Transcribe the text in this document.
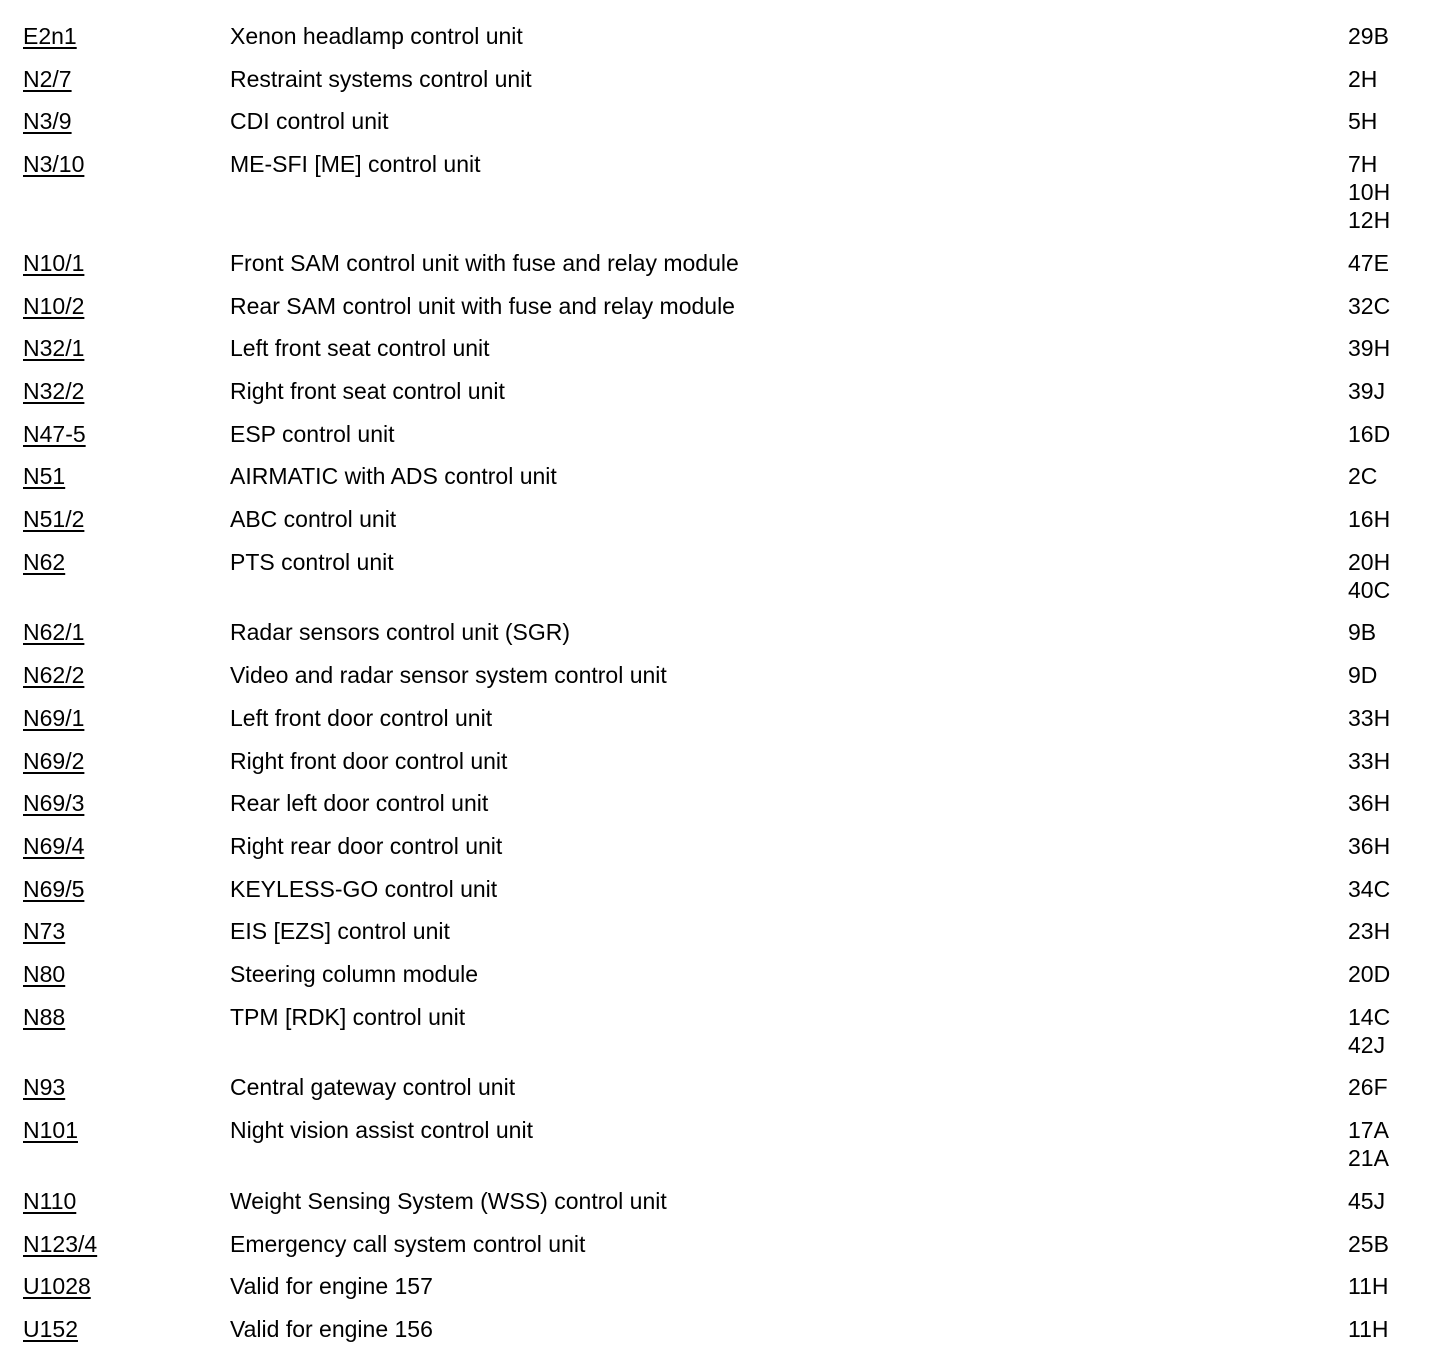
E2n1	Xenon headlamp control unit	29B
N2/7	Restraint systems control unit	2H
N3/9	CDI control unit	5H
N3/10	ME-SFI [ME] control unit	7H
10H
12H
N10/1	Front SAM control unit with fuse and relay module	47E
N10/2	Rear SAM control unit with fuse and relay module	32C
N32/1	Left front seat control unit	39H
N32/2	Right front seat control unit	39J
N47-5	ESP control unit	16D
N51	AIRMATIC with ADS control unit	2C
N51/2	ABC control unit	16H
N62	PTS control unit	20H
40C
N62/1	Radar sensors control unit (SGR)	9B
N62/2	Video and radar sensor system control unit	9D
N69/1	Left front door control unit	33H
N69/2	Right front door control unit	33H
N69/3	Rear left door control unit	36H
N69/4	Right rear door control unit	36H
N69/5	KEYLESS-GO control unit	34C
N73	EIS [EZS] control unit	23H
N80	Steering column module	20D
N88	TPM [RDK] control unit	14C
42J
N93	Central gateway control unit	26F
N101	Night vision assist control unit	17A
21A
N110	Weight Sensing System (WSS) control unit	45J
N123/4	Emergency call system control unit	25B
U1028	Valid for engine 157	11H
U152	Valid for engine 156	11H
